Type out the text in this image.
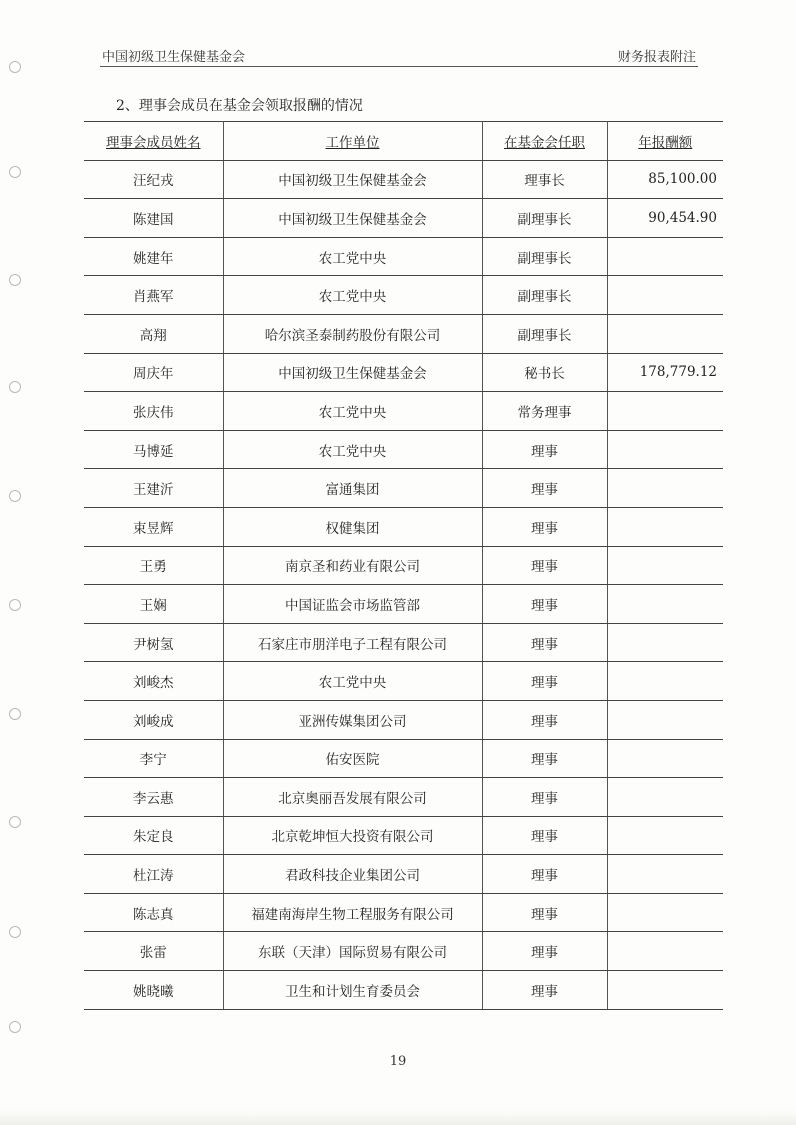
中国初级卫生保健基金会	财务报表附注
2、理事会成员在基金会领取报酬的情况
理事会成员姓名	工作单位	在基金会任职	年报酬额
汪纪戎	中国初级卫生保健基金会	理事长	85,100.00
陈建国	中国初级卫生保健基金会	副理事长	90,454.90
姚建年	农工党中央	副理事长	
肖燕军	农工党中央	副理事长	
高翔	哈尔滨圣泰制药股份有限公司	副理事长	
周庆年	中国初级卫生保健基金会	秘书长	178,779.12
张庆伟	农工党中央	常务理事	
马博延	农工党中央	理事	
王建沂	富通集团	理事	
束昱辉	权健集团	理事	
王勇	南京圣和药业有限公司	理事	
王娴	中国证监会市场监管部	理事	
尹树氢	石家庄市朋洋电子工程有限公司	理事	
刘峻杰	农工党中央	理事	
刘峻成	亚洲传媒集团公司	理事	
李宁	佑安医院	理事	
李云惠	北京奥丽吾发展有限公司	理事	
朱定良	北京乾坤恒大投资有限公司	理事	
杜江涛	君政科技企业集团公司	理事	
陈志真	福建南海岸生物工程服务有限公司	理事	
张雷	东联（天津）国际贸易有限公司	理事	
姚晓曦	卫生和计划生育委员会	理事	
19
